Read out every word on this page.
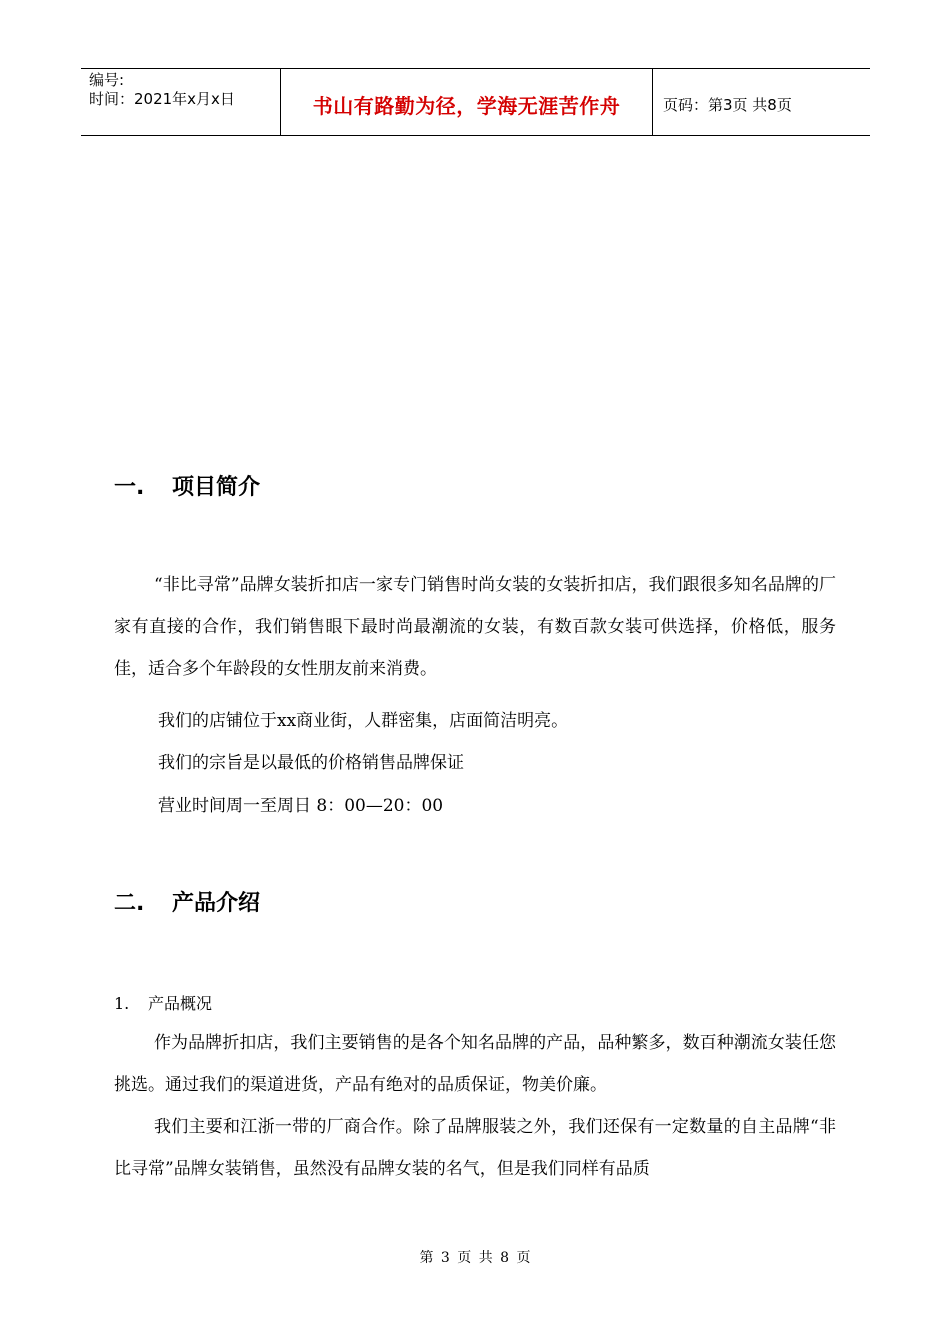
编号:
时间：2021年x月x日	书山有路勤为径，学海无涯苦作舟	页码：第3页 共8页
一. 项目简介

“非比寻常”品牌女装折扣店一家专门销售时尚女装的女装折扣店，我们跟很多知名品牌的厂家有直接的合作，我们销售眼下最时尚最潮流的女装，有数百款女装可供选择，价格低，服务佳，适合多个年龄段的女性朋友前来消费。

我们的店铺位于xx商业街，人群密集，店面简洁明亮。

我们的宗旨是以最低的价格销售品牌保证

营业时间周一至周日 8：00—20：00

二. 产品介绍
1. 产品概况

作为品牌折扣店，我们主要销售的是各个知名品牌的产品，品种繁多，数百种潮流女装任您挑选。通过我们的渠道进货，产品有绝对的品质保证，物美价廉。

我们主要和江浙一带的厂商合作。除了品牌服装之外，我们还保有一定数量的自主品牌“非比寻常”品牌女装销售，虽然没有品牌女装的名气，但是我们同样有品质

第 3 页 共 8 页
